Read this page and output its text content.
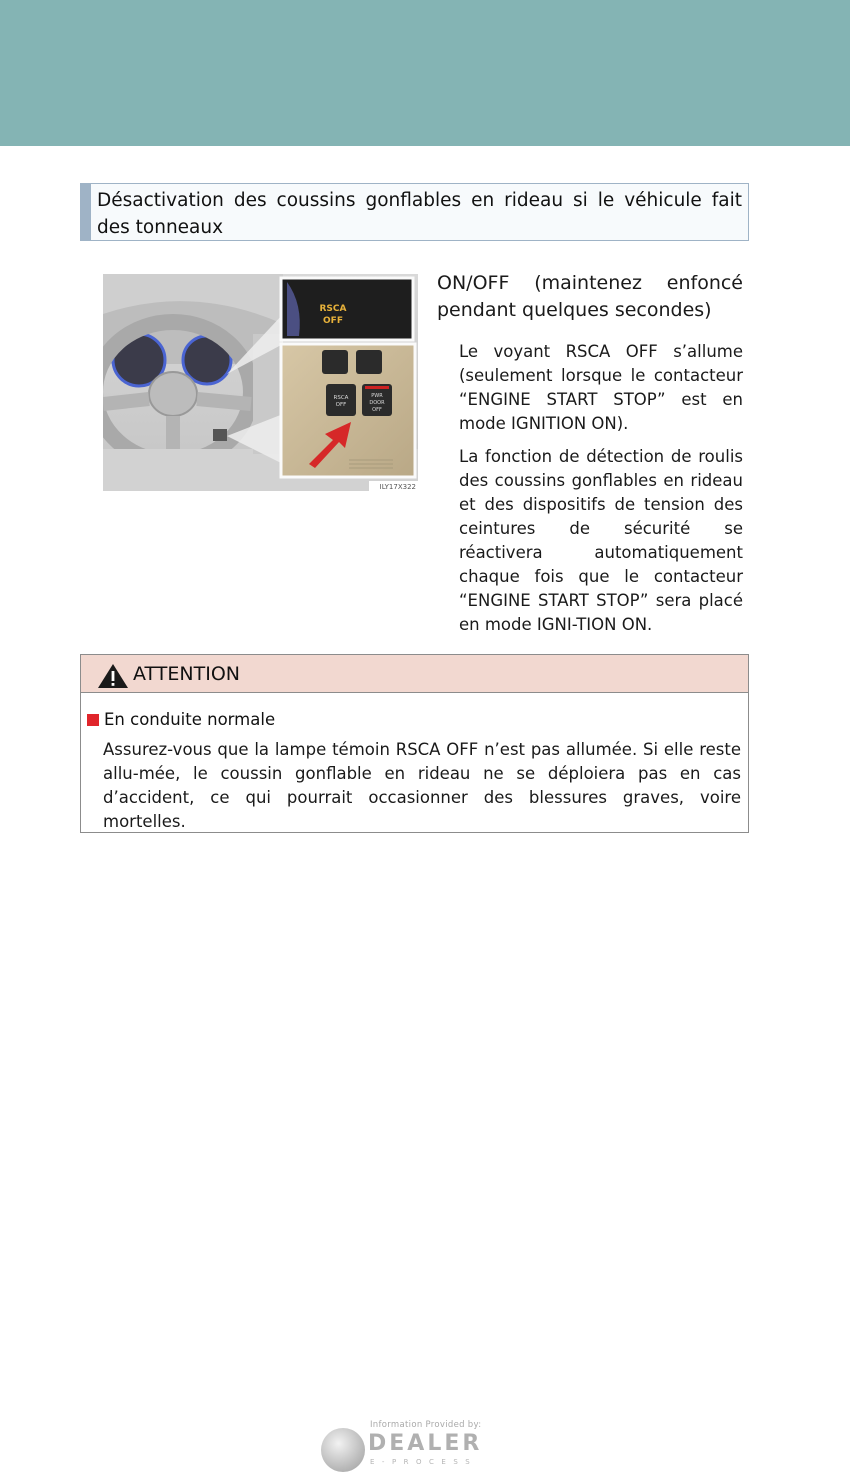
Désactivation des coussins gonflables en rideau si le véhicule fait des tonneaux
RSCA
OFF
RSCA
OFF
PWR
DOOR
OFF
ILY17X322
ON/OFF (maintenez enfoncé pendant quelques secondes)
Le voyant RSCA OFF s’allume (seulement lorsque le contacteur “ENGINE START STOP” est en mode IGNITION ON).
La fonction de détection de roulis des coussins gonflables en rideau et des dispositifs de tension des ceintures de sécurité se réactivera automatiquement chaque fois que le contacteur “ENGINE START STOP” sera placé en mode IGNI-TION ON.
ATTENTION
En conduite normale
Assurez-vous que la lampe témoin RSCA OFF n’est pas allumée. Si elle reste allu-mée, le coussin gonflable en rideau ne se déploiera pas en cas d’accident, ce qui pourrait occasionner des blessures graves, voire mortelles.
Information Provided by:
DEALER
E-PROCESS
